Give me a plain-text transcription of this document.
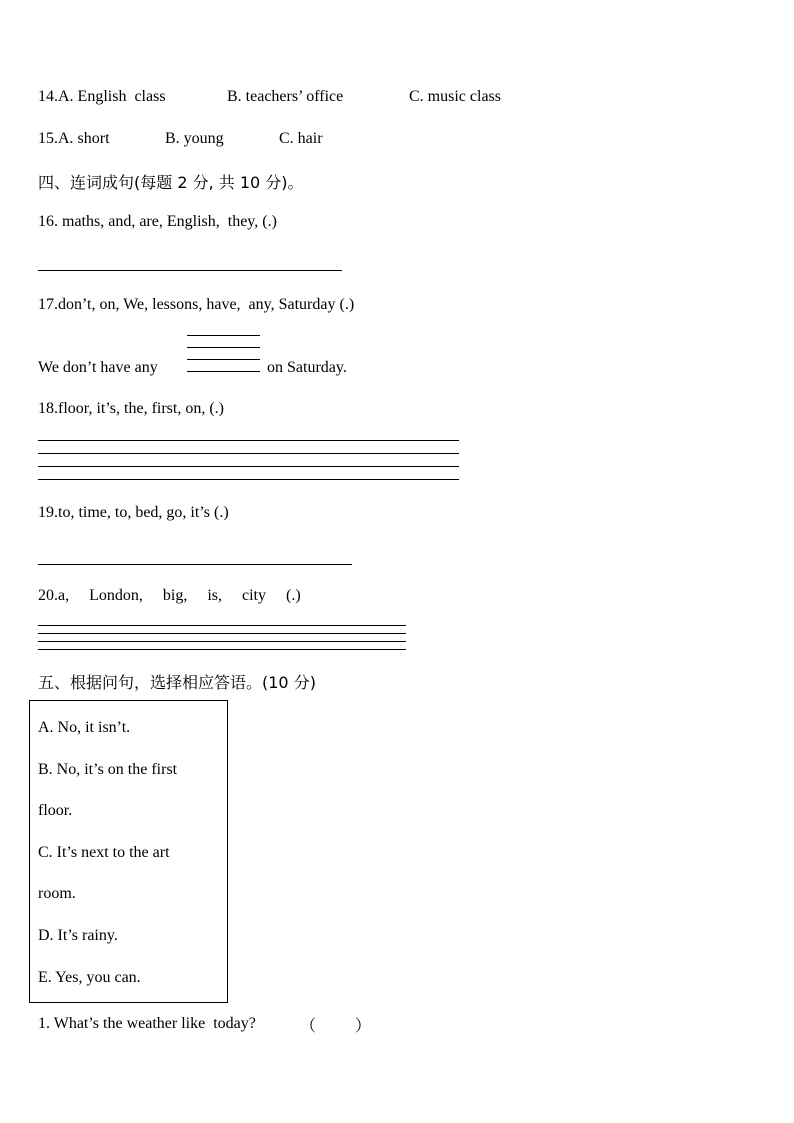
14.A. English  class	B. teachers’ office	C. music class
15.A. short	B. young	C. hair
四、连词成句(每题 2 分, 共 10 分)。
16. maths, and, are, English,  they, (.)
17.don’t, on, We, lessons, have,  any, Saturday (.)
We don’t have any	on Saturday.
18.floor, it’s, the, first, on, (.)
19.to, time, to, bed, go, it’s (.)
20.a,     London,     big,     is,     city     (.)
五、根据问句，选择相应答语。(10 分)
A. No, it isn’t.
B. No, it’s on the first
floor.
C. It’s next to the art
room.
D. It’s rainy.
E. Yes, you can.
1. What’s the weather like  today?	（ ）
